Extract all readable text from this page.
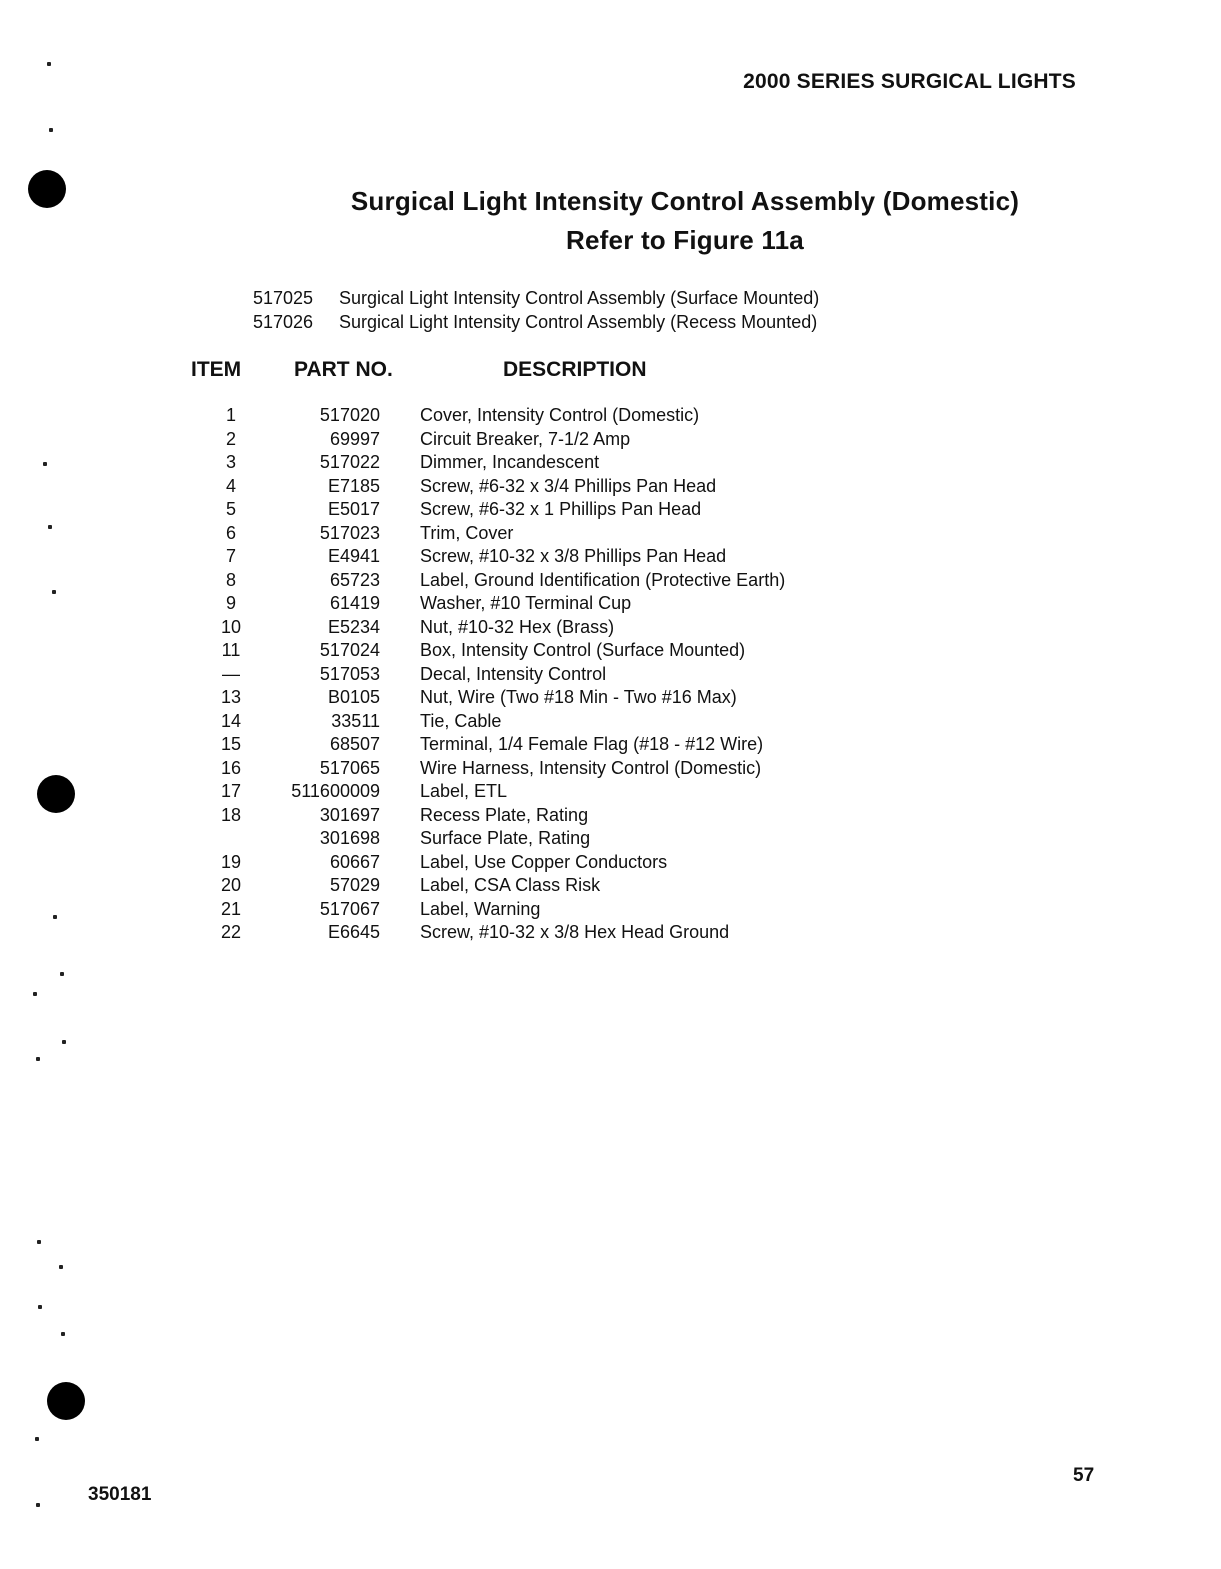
2000 SERIES SURGICAL LIGHTS
Surgical Light Intensity Control Assembly (Domestic)
Refer to Figure 11a
517025 Surgical Light Intensity Control Assembly (Surface Mounted)
517026 Surgical Light Intensity Control Assembly (Recess Mounted)
ITEM	PART NO.	DESCRIPTION
1	517020 Cover, Intensity Control (Domestic)
2	69997 Circuit Breaker, 7-1/2 Amp
3	517022 Dimmer, Incandescent
4	E7185 Screw, #6-32 x 3/4 Phillips Pan Head
5	E5017 Screw, #6-32 x 1 Phillips Pan Head
6	517023 Trim, Cover
7	E4941 Screw, #10-32 x 3/8 Phillips Pan Head
8	65723 Label, Ground Identification (Protective Earth)
9	61419 Washer, #10 Terminal Cup
10	E5234 Nut, #10-32 Hex (Brass)
11	517024 Box, Intensity Control (Surface Mounted)
—	517053 Decal, Intensity Control
13	B0105 Nut, Wire (Two #18 Min - Two #16 Max)
14	33511 Tie, Cable
15	68507 Terminal, 1/4 Female Flag (#18 - #12 Wire)
16	517065 Wire Harness, Intensity Control (Domestic)
17	511600009 Label, ETL
18	301697 Recess Plate, Rating
301698 Surface Plate, Rating
19	60667 Label, Use Copper Conductors
20	57029 Label, CSA Class Risk
21	517067 Label, Warning
22	E6645 Screw, #10-32 x 3/8 Hex Head Ground
350181
57
